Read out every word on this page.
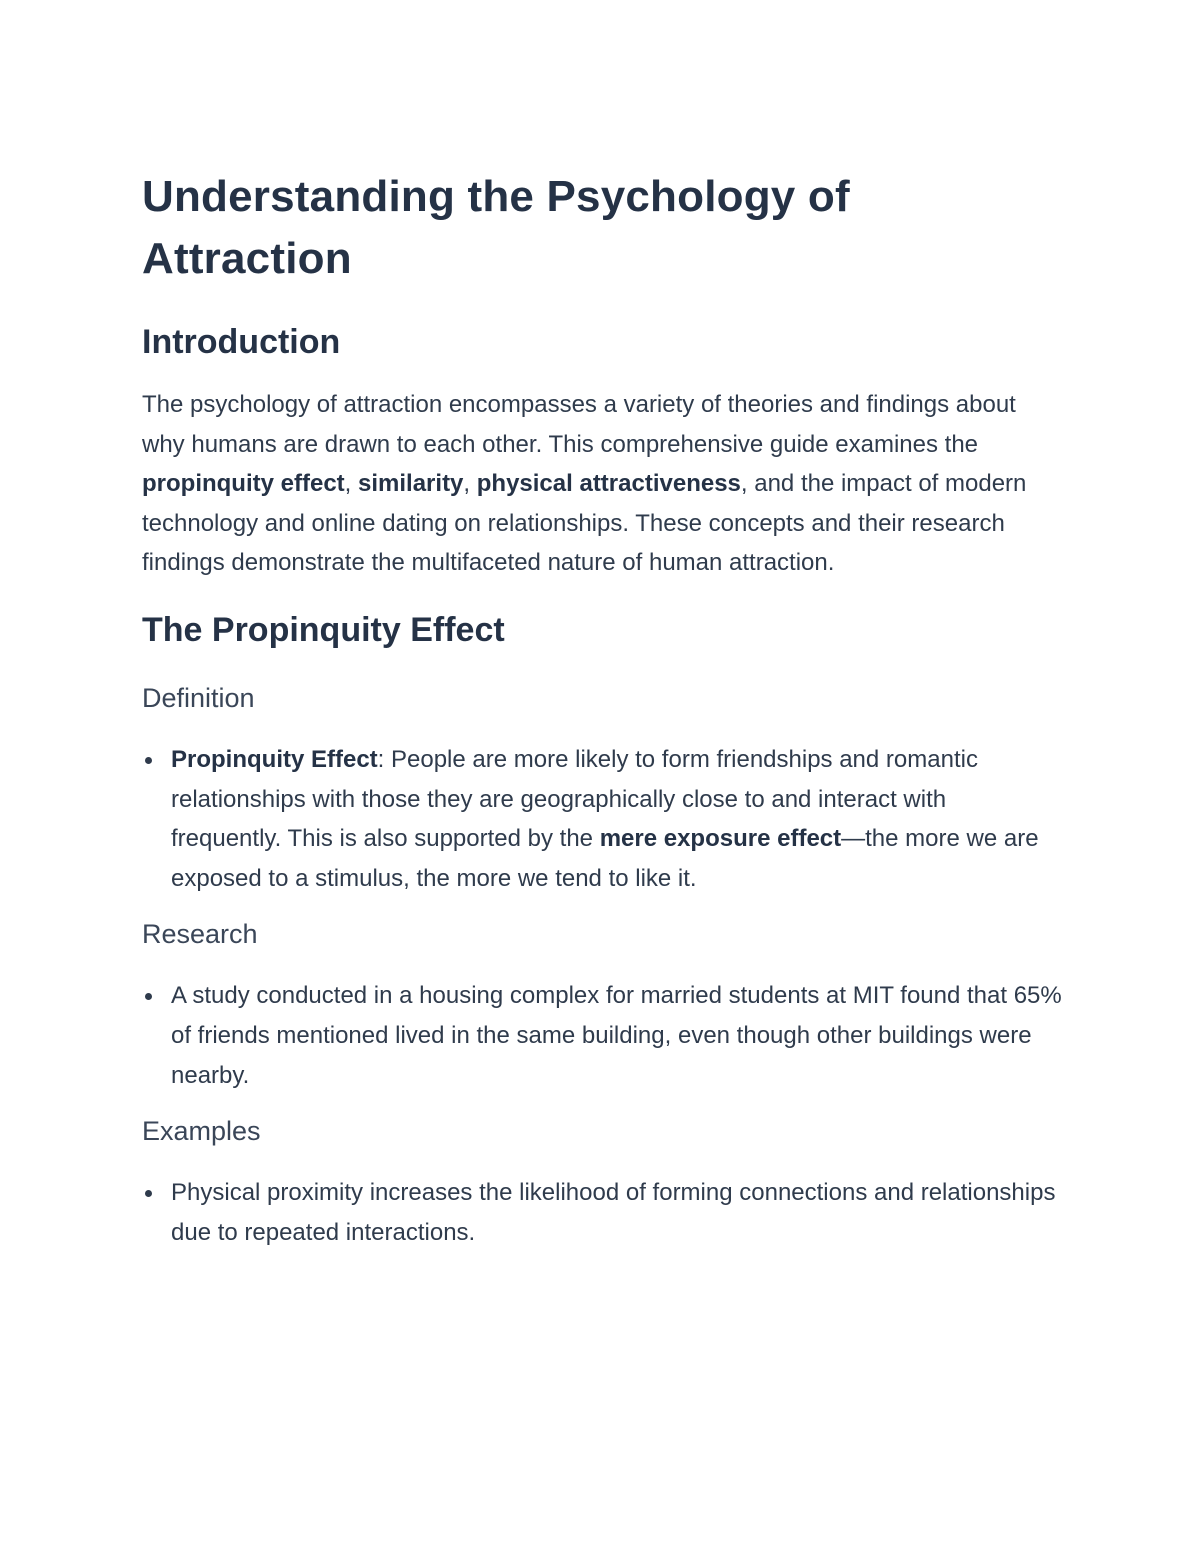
Understanding the Psychology of Attraction
Introduction

The psychology of attraction encompasses a variety of theories and findings about why humans are drawn to each other. This comprehensive guide examines the propinquity effect, similarity, physical attractiveness, and the impact of modern technology and online dating on relationships. These concepts and their research findings demonstrate the multifaceted nature of human attraction.

The Propinquity Effect
Definition
Propinquity Effect: People are more likely to form friendships and romantic relationships with those they are geographically close to and interact with frequently. This is also supported by the mere exposure effect—the more we are exposed to a stimulus, the more we tend to like it.
Research
A study conducted in a housing complex for married students at MIT found that 65% of friends mentioned lived in the same building, even though other buildings were nearby.
Examples
Physical proximity increases the likelihood of forming connections and relationships due to repeated interactions.
